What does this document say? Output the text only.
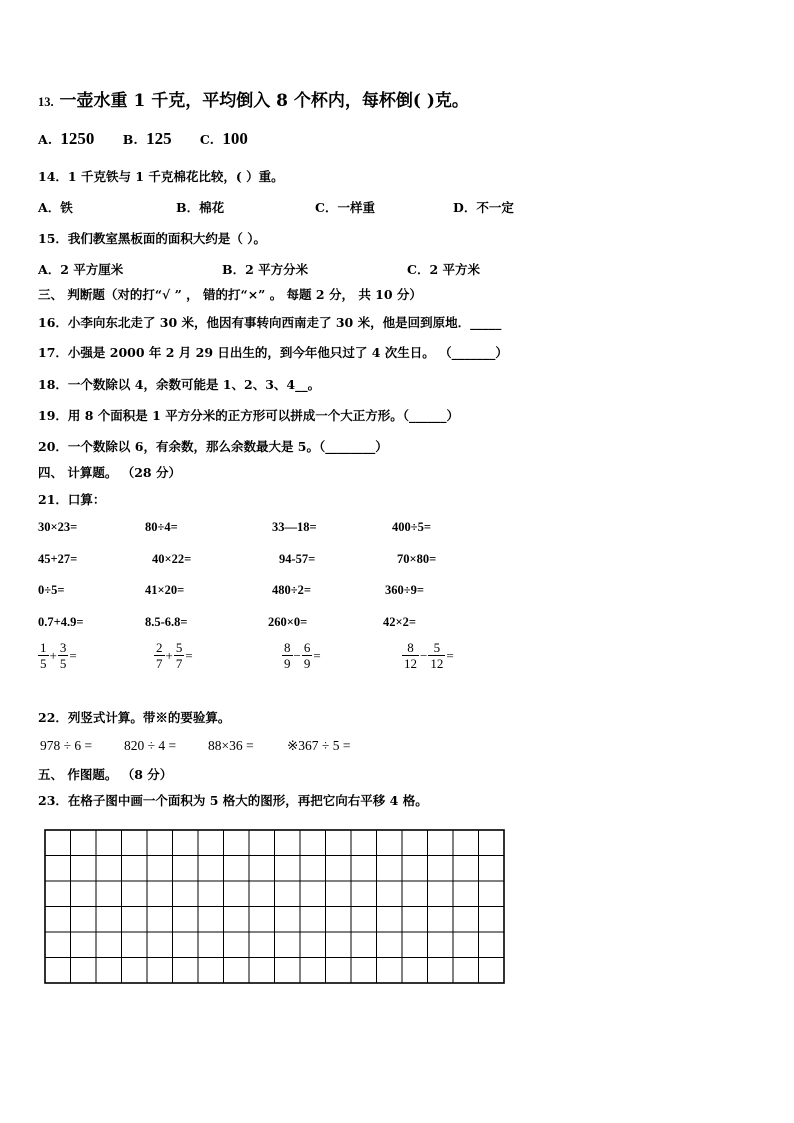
13. 一壶水重 1 千克，平均倒入 8 个杯内，每杯倒( )克。
A. 1250 B. 125 C. 100
14．1 千克铁与 1 千克棉花比较，( ）重。
A．铁	B．棉花	C．一样重	D．不一定
15．我们教室黑板面的面积大约是（ ）。
A．2 平方厘米	B．2 平方分米	C．2 平方米
三、 判断题（对的打“√ ” ， 错的打“×” 。 每题 2 分， 共 10 分）
16．小李向东北走了 30 米，他因有事转向西南走了 30 米，他是回到原地．_____
17．小强是 2000 年 2 月 29 日出生的，到今年他只过了 4 次生日。 （_______）
18．一个数除以 4，余数可能是 1、2、3、4__。
19．用 8 个面积是 1 平方分米的正方形可以拼成一个大正方形。（______）
20．一个数除以 6，有余数，那么余数最大是 5。（________）
四、 计算题。 （28 分）
21．口算：
30×23=	80÷4=	33—18=	400÷5=
45+27=	40×22=	94-57=	70×80=
0÷5=	41×20=	480÷2=	360÷9=
0.7+4.9=	8.5-6.8=	260×0=	42×2=
$\frac{1}{5} + \frac{3}{5}$ =	$\frac{2}{7} + \frac{5}{7}$ =	$\frac{8}{9} - \frac{6}{9}$ =	$\frac{8}{12} - \frac{5}{12}$ =
22．列竖式计算。带※的要验算。
978 ÷ 6 = 820 ÷ 4 = 88×36 = ※367 ÷ 5 =
五、 作图题。 （8 分）
23．在格子图中画一个面积为 5 格大的图形，再把它向右平移 4 格。
